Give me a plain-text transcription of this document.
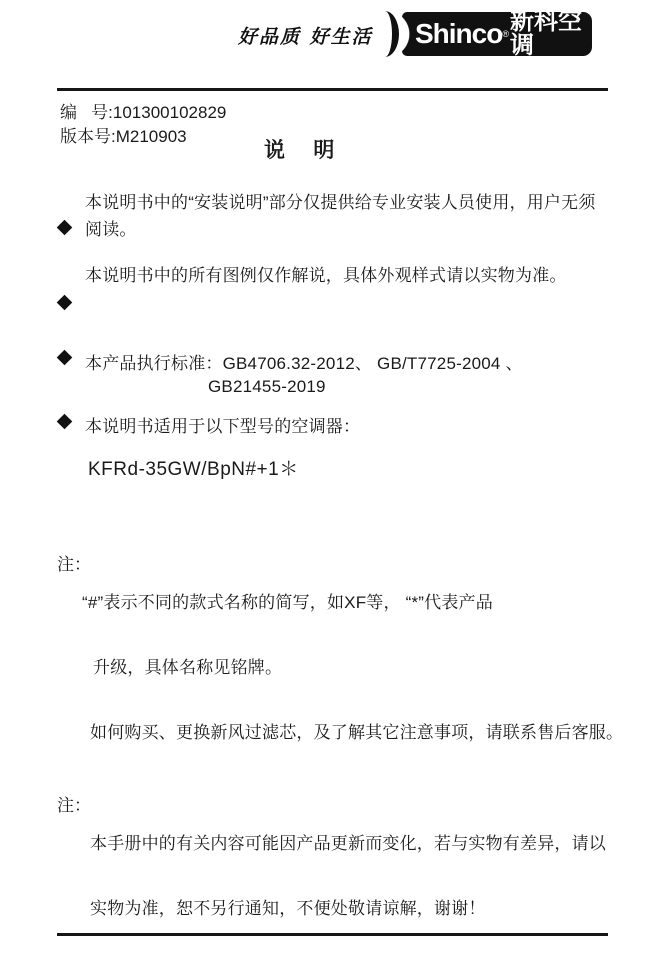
好品质 好生活 Shinco ® 新科空调
编   号:101300102829
版本号:M210903
说    明
本说明书中的“安装说明”部分仅提供给专业安装人员使用，用户无须
阅读。
本说明书中的所有图例仅作解说，具体外观样式请以实物为准。
本产品执行标准：GB4706.32-2012、 GB/T7725-2004 、
GB21455-2019
本说明书适用于以下型号的空调器：
KFRd-35GW/BpN#+1＊
注：

“#”表示不同的款式名称的简写，如XF等， “*”代表产品

升级，具体名称见铭牌。

如何购买、更换新风过滤芯，及了解其它注意事项，请联系售后客服。

注：

本手册中的有关内容可能因产品更新而变化，若与实物有差异，请以

实物为准，恕不另行通知，不便处敬请谅解，谢谢！
